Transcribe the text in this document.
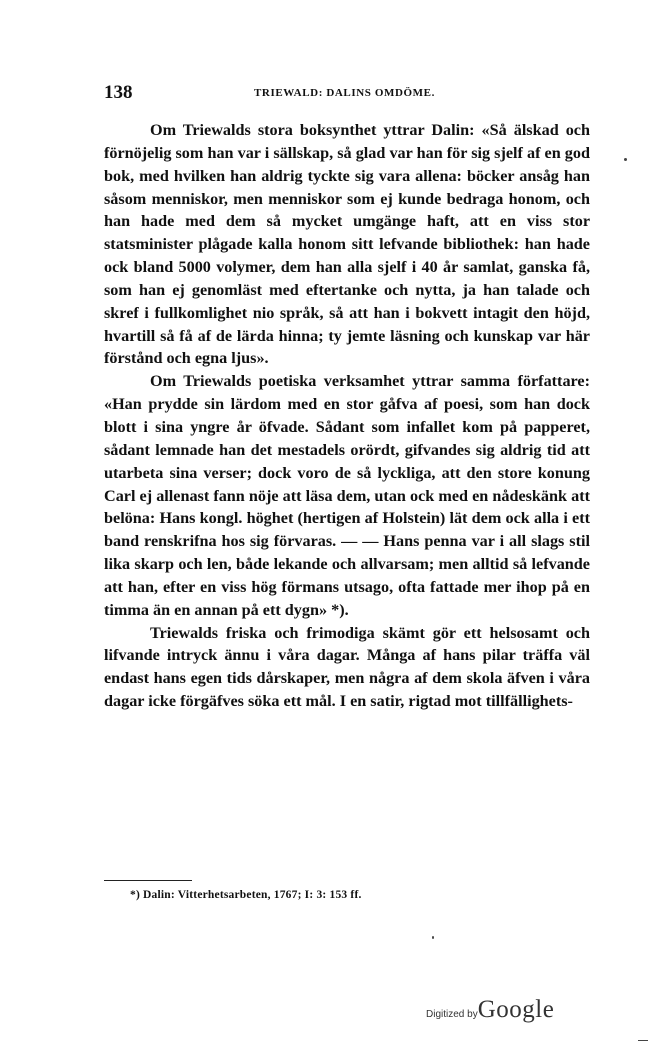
138	TRIEWALD: DALINS OMDÖME.

Om Triewalds stora boksynthet yttrar Dalin: «Så älskad och förnöjelig som han var i sällskap, så glad var han för sig sjelf af en god bok, med hvilken han aldrig tyckte sig vara allena: böcker ansåg han såsom menniskor, men menniskor som ej kunde bedraga honom, och han hade med dem så mycket umgänge haft, att en viss stor statsminister plågade kalla honom sitt lefvande bibliothek: han hade ock bland 5000 volymer, dem han alla sjelf i 40 år samlat, ganska få, som han ej genomläst med eftertanke och nytta, ja han talade och skref i fullkomlighet nio språk, så att han i bokvett intagit den höjd, hvartill så få af de lärda hinna; ty jemte läsning och kunskap var här förstånd och egna ljus».

Om Triewalds poetiska verksamhet yttrar samma författare: «Han prydde sin lärdom med en stor gåfva af poesi, som han dock blott i sina yngre år öfvade. Sådant som infallet kom på papperet, sådant lemnade han det mestadels orördt, gifvandes sig aldrig tid att utarbeta sina verser; dock voro de så lyckliga, att den store konung Carl ej allenast fann nöje att läsa dem, utan ock med en nådeskänk att belöna: Hans kongl. höghet (hertigen af Holstein) lät dem ock alla i ett band renskrifna hos sig förvaras. — — Hans penna var i all slags stil lika skarp och len, både lekande och allvarsam; men alltid så lefvande att han, efter en viss hög förmans utsago, ofta fattade mer ihop på en timma än en annan på ett dygn» *).

Triewalds friska och frimodiga skämt gör ett helsosamt och lifvande intryck ännu i våra dagar. Många af hans pilar träffa väl endast hans egen tids dårskaper, men några af dem skola äfven i våra dagar icke förgäfves söka ett mål. I en satir, rigtad mot tillfällighets-

*) Dalin: Vitterhetsarbeten, 1767; I: 3: 153 ff.
Digitized byGoogle
